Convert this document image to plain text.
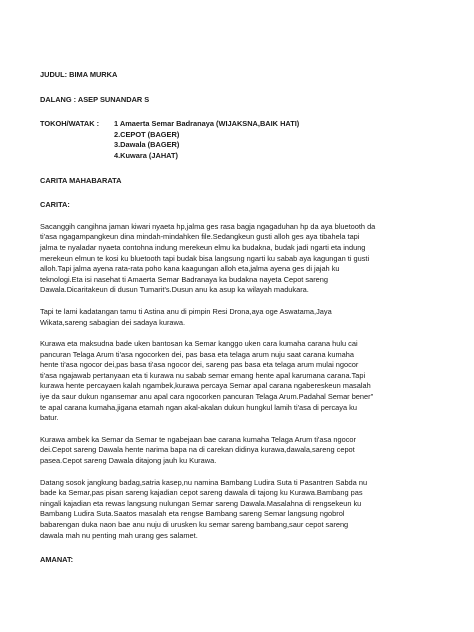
JUDUL: BIMA MURKA
DALANG : ASEP SUNANDAR S
TOKOH/WATAK :	1 Amaerta Semar Badranaya (WIJAKSNA,BAIK HATI)
2.CEPOT (BAGER)
3.Dawala (BAGER)
4.Kuwara (JAHAT)
CARITA MAHABARATA
CARITA:
Sacanggih cangihna jaman kiwari nyaeta hp,jalma ges rasa bagja ngagaduhan hp da aya bluetooth da
ti'asa ngagampangkeun dina mindah-mindahken file.Sedangkeun gusti alloh ges aya tibahela tapi
jalma te nyaladar nyaeta contohna indung merekeun elmu ka budakna, budak jadi ngarti eta indung
merekeun elmun te kosi ku bluetooth tapi budak bisa langsung ngarti ku sabab aya kagungan ti gusti
alloh.Tapi jalma ayena rata-rata poho kana kaagungan alloh eta,jalma ayena ges di jajah ku
teknologi.Eta isi nasehat ti Amaerta Semar Badranaya ka budakna nayeta Cepot sareng
Dawala.Dicaritakeun di dusun Tumarit's.Dusun anu ka asup ka wilayah madukara.
Tapi te lami kadatangan tamu ti Astina anu di pimpin Resi Drona,aya oge Aswatama,Jaya
Wikata,sareng sabagian dei sadaya kurawa.
Kurawa eta maksudna bade uken bantosan ka Semar kanggo uken cara kumaha carana hulu cai
pancuran Telaga Arum ti'asa ngocorken dei, pas basa eta telaga arum nuju saat carana kumaha
hente ti'asa ngocor dei,pas basa ti'asa ngocor dei, sareng pas basa eta telaga arum mulai ngocor
ti'asa ngajawab pertanyaan eta ti kurawa nu sabab semar emang hente apal karumana carana.Tapi
kurawa hente percayaen kalah ngambek,kurawa percaya Semar apal carana ngabereskeun masalah
iye da saur dukun ngansemar anu apal cara ngocorken pancuran Telaga Arum.Padahal Semar bener"
te apal carana kumaha,jigana etamah ngan akal-akalan dukun hungkul lamih ti'asa di percaya ku
batur.
Kurawa ambek ka Semar da Semar te ngabejaan bae carana kumaha Telaga Arum ti'asa ngocor
dei.Cepot sareng Dawala hente narima bapa na di carekan didinya kurawa,dawala,sareng cepot
pasea.Cepot sareng Dawala ditajong jauh ku Kurawa.
Datang sosok jangkung badag,satria kasep,nu namina Bambang Ludira Suta ti Pasantren Sabda nu
bade ka Semar,pas pisan sareng kajadian cepot sareng dawala di tajong ku Kurawa.Bambang pas
ningali kajadian eta rewas langsung nulungan Semar sareng Dawala.Masalahna di rengsekeun ku
Bambang Ludira Suta.Saatos masalah eta rengse Bambang sareng Semar langsung ngobrol
babarengan duka naon bae anu nuju di urusken ku semar sareng bambang,saur cepot sareng
dawala mah nu penting mah urang ges salamet.
AMANAT:
